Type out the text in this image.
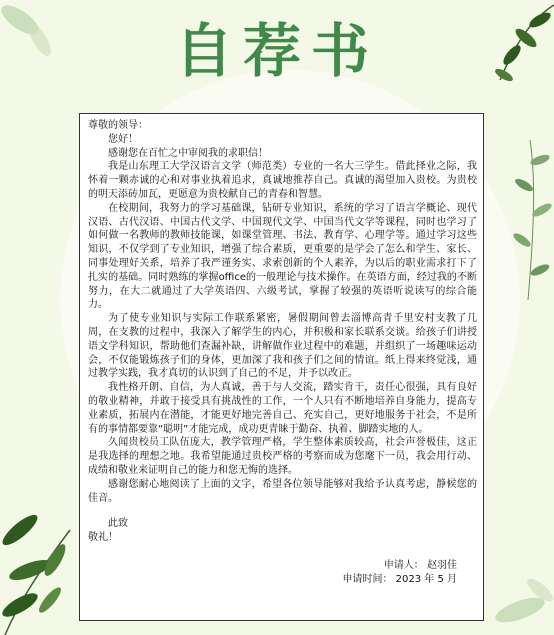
自荐书

尊敬的领导：

您好！

感谢您在百忙之中审阅我的求职信！

我是山东理工大学汉语言文学（师范类）专业的一名大三学生。借此择业之际，我怀着一颗赤诚的心和对事业执着追求，真诚地推荐自己。真诚的渴望加入贵校。为贵校的明天添砖加瓦，更愿意为贵校献自己的青春和智慧。

在校期间，我努力的学习基础课，钻研专业知识，系统的学习了语言学概论、现代汉语、古代汉语、中国古代文学、中国现代文学、中国当代文学等课程，同时也学习了如何做一名教师的教师技能课，如课堂管理、书法、教育学、心理学等。通过学习这些知识，不仅学到了专业知识，增强了综合素质，更重要的是学会了怎么和学生、家长、同事处理好关系，培养了我严谨务实、求索创新的个人素养，为以后的职业需求打下了扎实的基础。同时熟练的掌握office的一般理论与技术操作。在英语方面，经过我的不断努力，在大二就通过了大学英语四、六级考试，掌握了较强的英语听说读写的综合能力。

为了使专业知识与实际工作联系紧密，暑假期间曾去淄博高青千里安村支教了几周，在支教的过程中，我深入了解学生的内心，并积极和家长联系交谈。给孩子们讲授语文学科知识，帮助他们查漏补缺，讲解做作业过程中的难题，并组织了一场趣味运动会，不仅能锻炼孩子们的身体，更加深了我和孩子们之间的情谊。纸上得来终觉浅，通过教学实践，我才真切的认识到了自己的不足，并予以改正。

我性格开朗、自信，为人真诚，善于与人交流，踏实肯干，责任心很强，具有良好的敬业精神，并敢于接受具有挑战性的工作，一个人只有不断地培养自身能力，提高专业素质，拓展内在潜能，才能更好地完善自己、充实自己，更好地服务于社会，不是所有的事情都要靠“聪明”才能完成，成功更青睐于勤奋、执着、脚踏实地的人。

久闻贵校员工队伍庞大，教学管理严格，学生整体素质较高，社会声誉极佳，这正是我选择的理想之地。我希望能通过贵校严格的考察而成为您麾下一员，我会用行动、成绩和敬业来证明自己的能力和您无悔的选择。

感谢您耐心地阅读了上面的文字，希望各位领导能够对我给予认真考虑，静候您的佳音。

此致

敬礼！

申请人： 赵羽佳
申请时间： 2023 年 5 月
